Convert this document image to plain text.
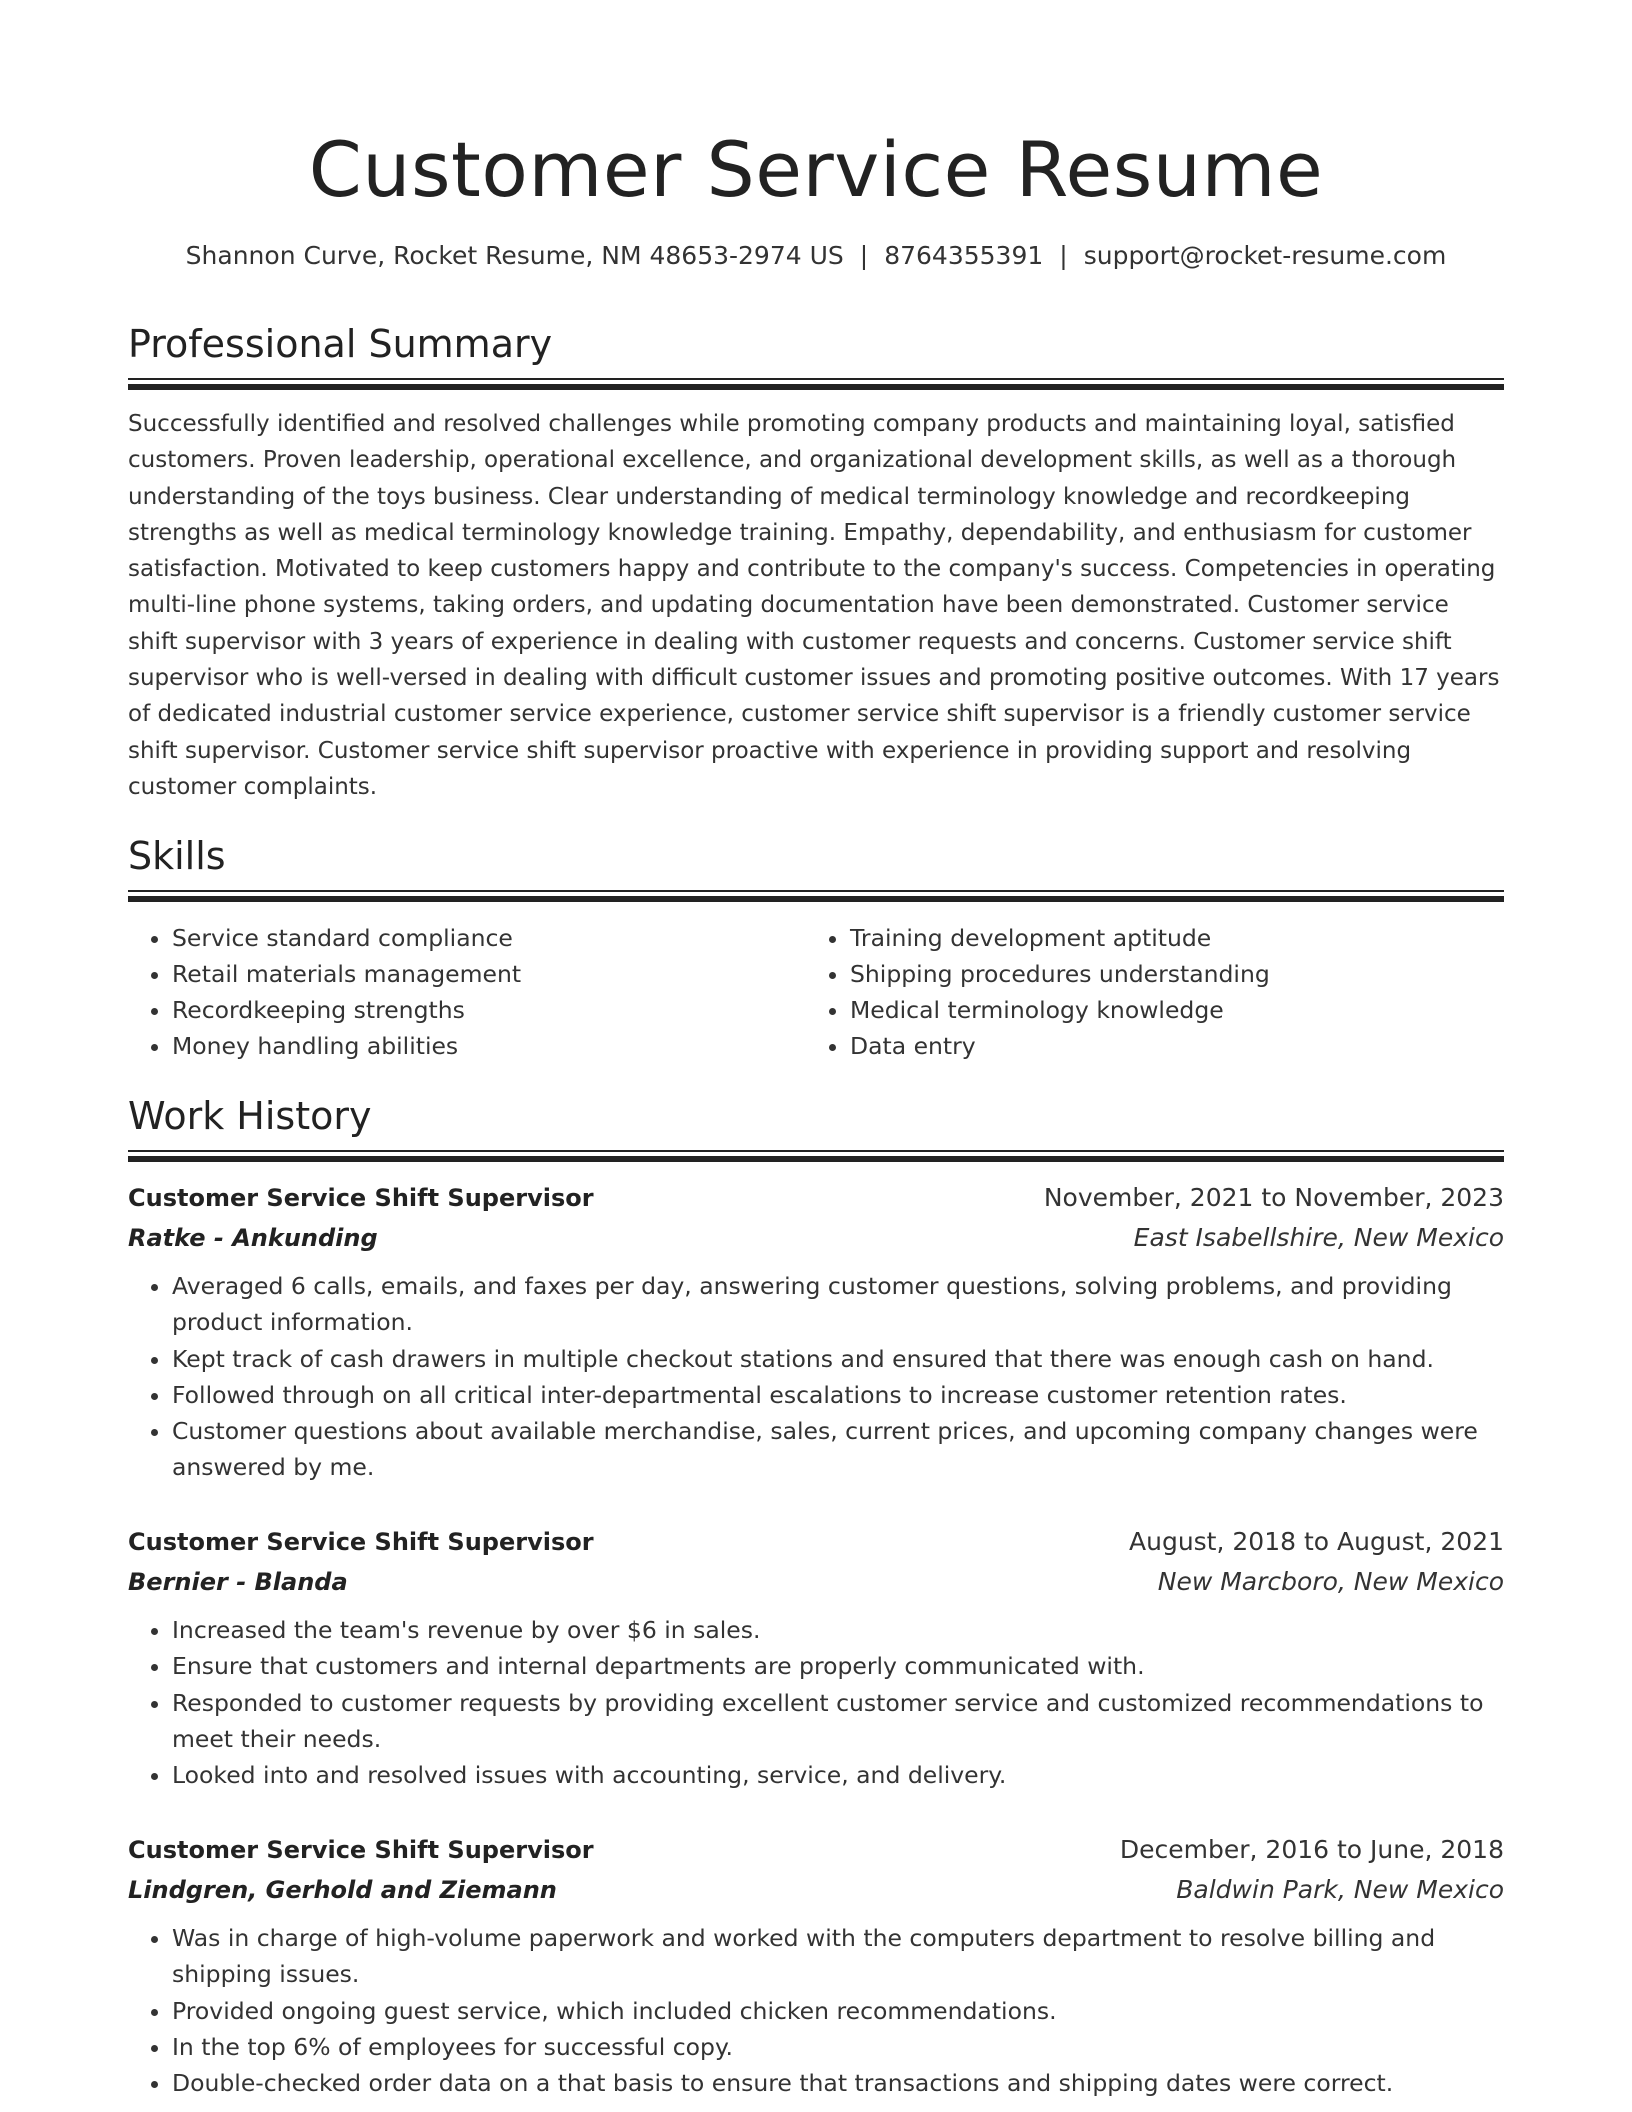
Customer Service Resume
Shannon Curve, Rocket Resume, NM 48653-2974 US | 8764355391 | support@rocket-resume.com
Professional Summary

Successfully identified and resolved challenges while promoting company products and maintaining loyal, satisfied customers. Proven leadership, operational excellence, and organizational development skills, as well as a thorough understanding of the toys business. Clear understanding of medical terminology knowledge and recordkeeping strengths as well as medical terminology knowledge training. Empathy, dependability, and enthusiasm for customer satisfaction. Motivated to keep customers happy and contribute to the company's success. Competencies in operating multi-line phone systems, taking orders, and updating documentation have been demonstrated. Customer service shift supervisor with 3 years of experience in dealing with customer requests and concerns. Customer service shift supervisor who is well-versed in dealing with difficult customer issues and promoting positive outcomes. With 17 years of dedicated industrial customer service experience, customer service shift supervisor is a friendly customer service shift supervisor. Customer service shift supervisor proactive with experience in providing support and resolving customer complaints.

Skills
• Service standard compliance
• Retail materials management
• Recordkeeping strengths
• Money handling abilities
• Training development aptitude
• Shipping procedures understanding
• Medical terminology knowledge
• Data entry
Work History
Customer Service Shift Supervisor	November, 2021 to November, 2023
Ratke - Ankunding	East Isabellshire, New Mexico
• Averaged 6 calls, emails, and faxes per day, answering customer questions, solving problems, and providing product information.
• Kept track of cash drawers in multiple checkout stations and ensured that there was enough cash on hand.
• Followed through on all critical inter-departmental escalations to increase customer retention rates.
• Customer questions about available merchandise, sales, current prices, and upcoming company changes were answered by me.
Customer Service Shift Supervisor	August, 2018 to August, 2021
Bernier - Blanda	New Marcboro, New Mexico
• Increased the team's revenue by over $6 in sales.
• Ensure that customers and internal departments are properly communicated with.
• Responded to customer requests by providing excellent customer service and customized recommendations to meet their needs.
• Looked into and resolved issues with accounting, service, and delivery.
Customer Service Shift Supervisor	December, 2016 to June, 2018
Lindgren, Gerhold and Ziemann	Baldwin Park, New Mexico
• Was in charge of high-volume paperwork and worked with the computers department to resolve billing and shipping issues.
• Provided ongoing guest service, which included chicken recommendations.
• In the top 6% of employees for successful copy.
• Double-checked order data on a that basis to ensure that transactions and shipping dates were correct.
